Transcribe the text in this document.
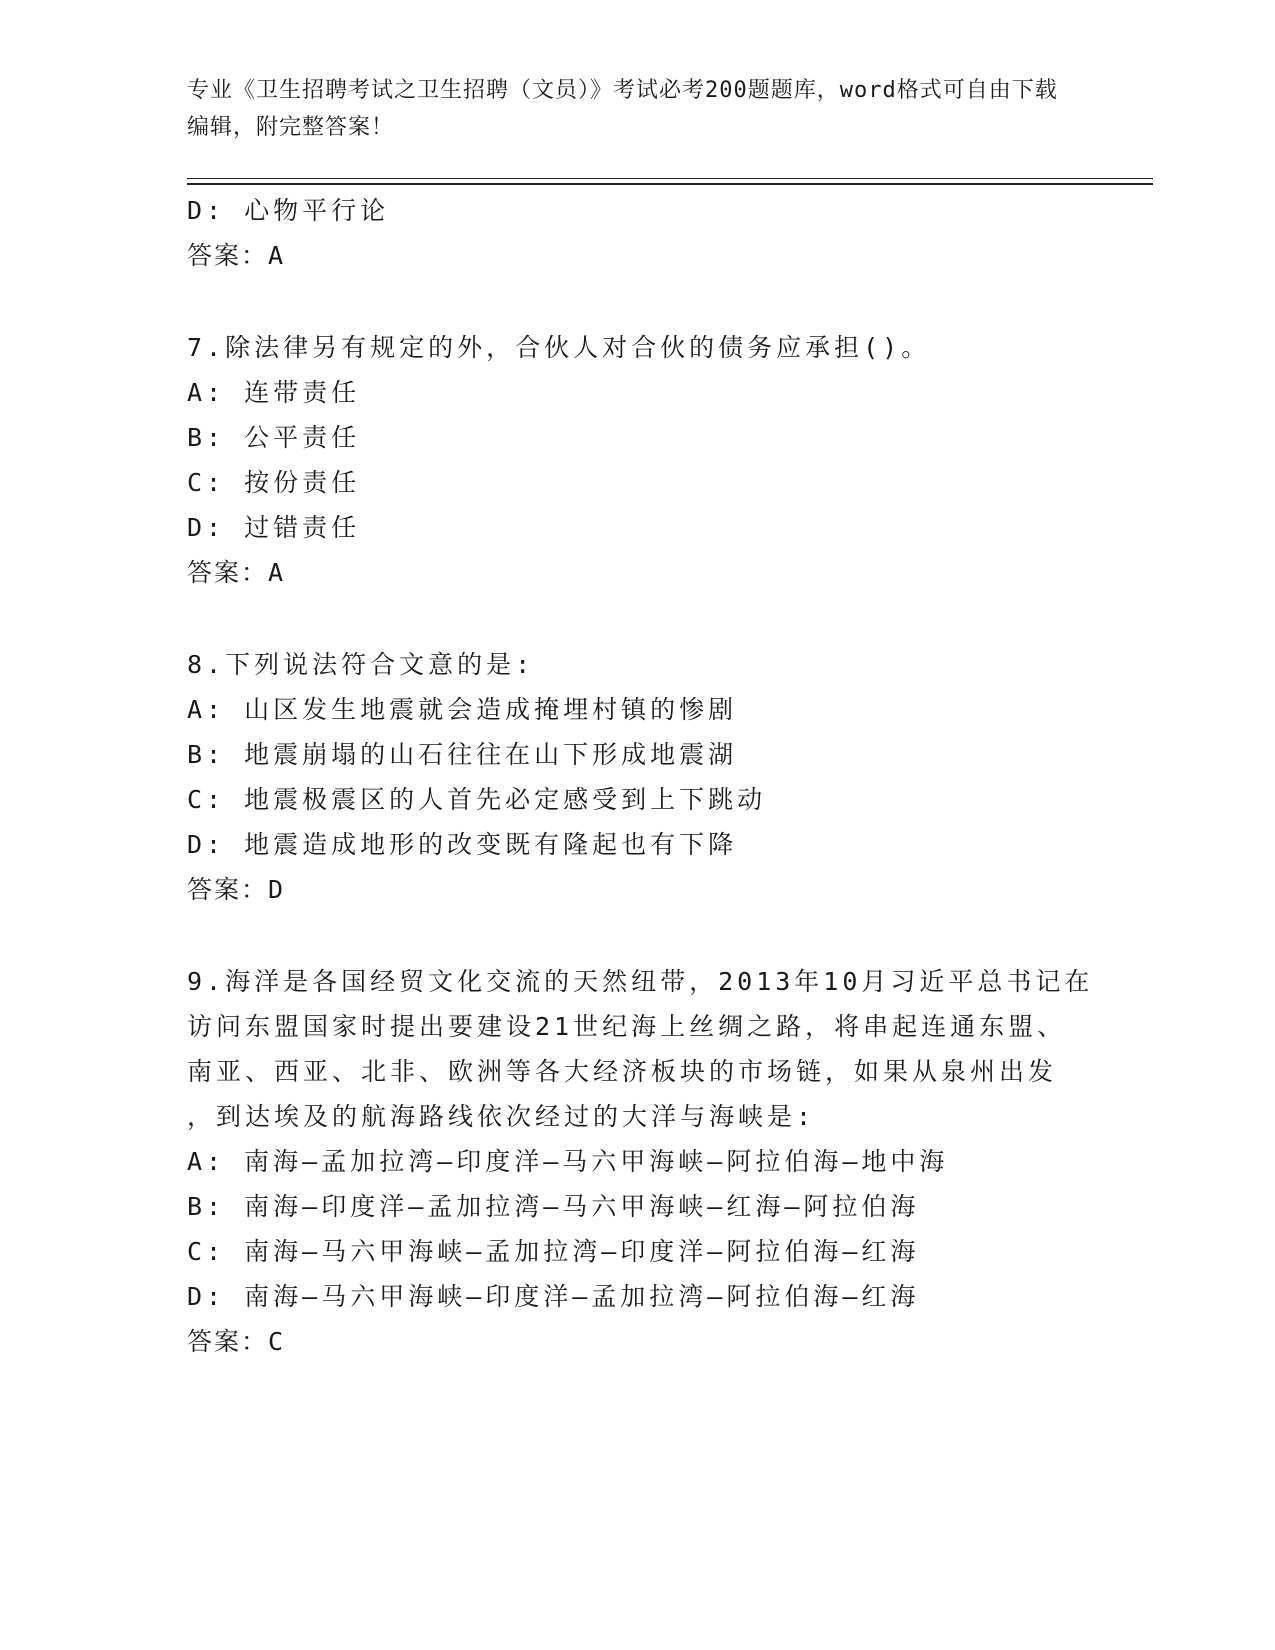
专业《卫生招聘考试之卫生招聘（文员）》考试必考200题题库，word格式可自由下载编辑，附完整答案！
D: 心物平行论
答案：A
7.除法律另有规定的外，合伙人对合伙的债务应承担()。
A: 连带责任
B: 公平责任
C: 按份责任
D: 过错责任
答案：A
8.下列说法符合文意的是:
A: 山区发生地震就会造成掩埋村镇的惨剧
B: 地震崩塌的山石往往在山下形成地震湖
C: 地震极震区的人首先必定感受到上下跳动
D: 地震造成地形的改变既有隆起也有下降
答案：D
9.海洋是各国经贸文化交流的天然纽带，2013年10月习近平总书记在
访问东盟国家时提出要建设21世纪海上丝绸之路，将串起连通东盟、
南亚、西亚、北非、欧洲等各大经济板块的市场链，如果从泉州出发
，到达埃及的航海路线依次经过的大洋与海峡是:
A: 南海—孟加拉湾—印度洋—马六甲海峡—阿拉伯海—地中海
B: 南海—印度洋—孟加拉湾—马六甲海峡—红海—阿拉伯海
C: 南海—马六甲海峡—孟加拉湾—印度洋—阿拉伯海—红海
D: 南海—马六甲海峡—印度洋—孟加拉湾—阿拉伯海—红海
答案：C
